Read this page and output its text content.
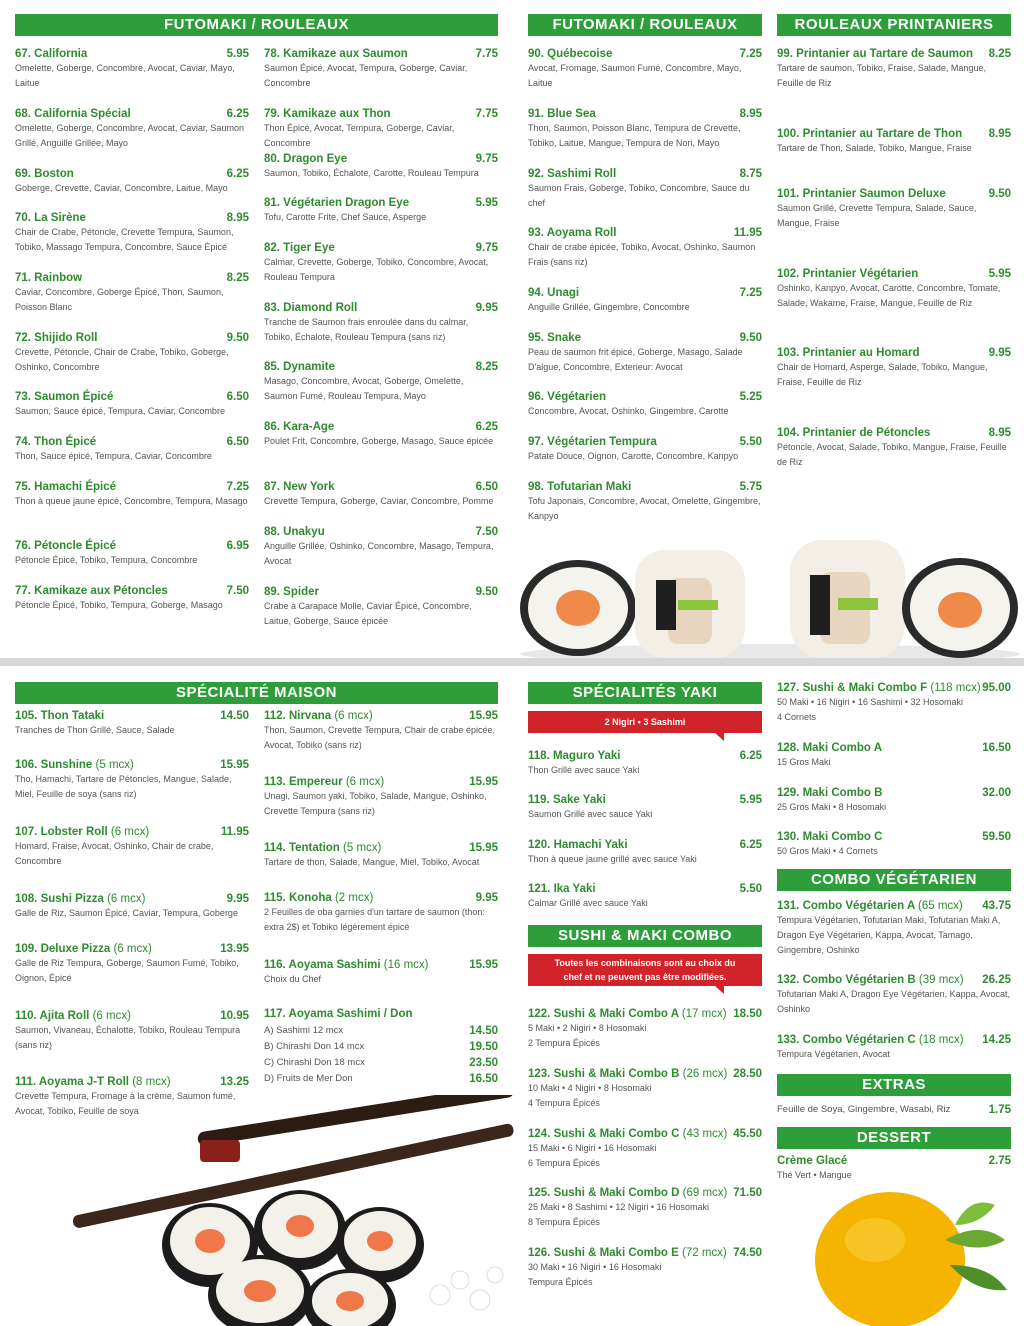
FUTOMAKI / ROULEAUX
67. California	5.95
Omelette, Goberge, Concombre, Avocat, Caviar, Mayo, Laitue
68. California Spécial	6.25
Omelette, Goberge, Concombre, Avocat, Caviar, Saumon Grillé, Anguille Grillée, Mayo
69. Boston	6.25
Goberge, Crevette, Caviar, Concombre, Laitue, Mayo
70. La Sirène	8.95
Chair de Crabe, Pétoncle, Crevette Tempura, Saumon, Tobiko, Massago Tempura, Concombre, Sauce Épicé
71. Rainbow	8.25
Caviar, Concombre, Goberge Épicé, Thon, Saumon, Poisson Blanc
72. Shijido Roll	9.50
Crevette, Pétoncle, Chair de Crabe, Tobiko, Goberge, Oshinko, Concombre
73. Saumon Épicé	6.50
Saumon, Sauce épicé, Tempura, Caviar, Concombre
74. Thon Épicé	6.50
Thon, Sauce épicé, Tempura, Caviar, Concombre
75. Hamachi Épicé	7.25
Thon à queue jaune épicé, Concombre, Tempura, Masago
76. Pétoncle Épicé	6.95
Pétoncle Épicé, Tobiko, Tempura, Concombre
77. Kamikaze aux Pétoncles	7.50
Pétoncle Épicé, Tobiko, Tempura, Goberge, Masago
78. Kamikaze aux Saumon	7.75
Saumon Épicé, Avocat, Tempura, Goberge, Caviar, Concombre
79. Kamikaze aux Thon	7.75
Thon Épicé, Avocat, Tempura, Goberge, Caviar, Concombre
80. Dragon Eye	9.75
Saumon, Tobiko, Échalote, Carotte, Rouleau Tempura
81. Végétarien Dragon Eye	5.95
Tofu, Carotte Frite, Chef Sauce, Asperge
82. Tiger Eye	9.75
Calmar, Crevette, Goberge, Tobiko, Concombre, Avocat, Rouleau Tempura
83. Diamond Roll	9.95
Tranche de Saumon frais enroulée dans du calmar, Tobiko, Échalote, Rouleau Tempura (sans riz)
85. Dynamite	8.25
Masago, Concombre, Avocat, Goberge, Omelette, Saumon Fumé, Rouleau Tempura, Mayo
86. Kara-Age	6.25
Poulet Frit, Concombre, Goberge, Masago, Sauce épicée
87. New York	6.50
Crevette Tempura, Goberge, Caviar, Concombre, Pomme
88. Unakyu	7.50
Anguille Grillée, Oshinko, Concombre, Masago, Tempura, Avocat
89. Spider	9.50
Crabe à Carapace Molle, Caviar Épicé, Concombre, Laitue, Goberge, Sauce épicée
FUTOMAKI / ROULEAUX
90. Québecoise	7.25
Avocat, Fromage, Saumon Fumé, Concombre, Mayo, Laitue
91. Blue Sea	8.95
Thon, Saumon, Poisson Blanc, Tempura de Crevette, Tobiko, Laitue, Mangue, Tempura de Nori, Mayo
92. Sashimi Roll	8.75
Saumon Frais, Goberge, Tobiko, Concombre, Sauce du chef
93. Aoyama Roll	11.95
Chair de crabe épicée, Tobiko, Avocat, Oshinko, Saumon Frais (sans riz)
94. Unagi	7.25
Anguille Grillée, Gingembre, Concombre
95. Snake	9.50
Peau de saumon frit épicé, Goberge, Masago, Salade D'algue, Concombre, Exterieur: Avocat
96. Végétarien	5.25
Concombre, Avocat, Oshinko, Gingembre, Carotte
97. Végétarien Tempura	5.50
Patate Douce, Oignon, Carotte, Concombre, Kanpyo
98. Tofutarian Maki	5.75
Tofu Japonais, Concombre, Avocat, Omelette, Gingembre, Kanpyo
ROULEAUX PRINTANIERS
99. Printanier au Tartare de Saumon 8.25
Tartare de saumon, Tobiko, Fraise, Salade, Mangue, Feuille de Riz
100. Printanier au Tartare de Thon 8.95
Tartare de Thon, Salade, Tobiko, Mangue, Fraise
101. Printanier Saumon Deluxe	9.50
Saumon Grillé, Crevette Tempura, Salade, Sauce, Mangue, Fraise
102. Printanier Végétarien	5.95
Oshinko, Kanpyo, Avocat, Carotte, Concombre, Tomate, Salade, Wakame, Fraise, Mangue, Feuille de Riz
103. Printanier au Homard	9.95
Chair de Homard, Asperge, Salade, Tobiko, Mangue, Fraise, Feuille de Riz
104. Printanier de Pétoncles	8.95
Pétoncle, Avocat, Salade, Tobiko, Mangue, Fraise, Feuille de Riz
SPÉCIALITÉ MAISON
105. Thon Tataki	14.50
Tranches de Thon Grillé, Sauce, Salade
106. Sunshine (5 mcx)	15.95
Tho, Hamachi, Tartare de Pétoncles, Mangue, Salade, Miel, Feuille de soya (sans riz)
107. Lobster Roll (6 mcx)	11.95
Homard, Fraise, Avocat, Oshinko, Chair de crabe, Concombre
108. Sushi Pizza (6 mcx)	9.95
Galle de Riz, Saumon Épicé, Caviar, Tempura, Goberge
109. Deluxe Pizza (6 mcx)	13.95
Galle de Riz Tempura, Goberge, Saumon Fumé, Tobiko, Oignon, Épicé
110. Ajita Roll (6 mcx)	10.95
Saumon, Vivaneau, Échalotte, Tobiko, Rouleau Tempura (sans riz)
111. Aoyama J-T Roll (8 mcx)	13.25
Crevette Tempura, Fromage à la crème, Saumon fumé, Avocat, Tobiko, Feuille de soya
112. Nirvana (6 mcx)	15.95
Thon, Saumon, Crevette Tempura, Chair de crabe épicée, Avocat, Tobiko (sans riz)
113. Empereur (6 mcx)	15.95
Unagi, Saumon yaki, Tobiko, Salade, Mangue, Oshinko, Crevette Tempura (sans riz)
114. Tentation (5 mcx)	15.95
Tartare de thon, Salade, Mangue, Miel, Tobiko, Avocat
115. Konoha (2 mcx)	9.95
2 Feuilles de oba garnies d'un tartare de saumon (thon: extra 2$) et Tobiko légèrement épicé
116. Aoyama Sashimi (16 mcx)	15.95
Choix du Chef
117. Aoyama Sashimi / Don
A) Sashimi 12 mcx	14.50
B) Chirashi Don 14 mcx	19.50
C) Chirashi Don 18 mcx	23.50
D) Fruits de Mer Don	16.50
SPÉCIALITÉS YAKI
2 Nigiri • 3 Sashimi
118. Maguro Yaki	6.25
Thon Grillé avec sauce Yaki
119. Sake Yaki	5.95
Saumon Grillé avec sauce Yaki
120. Hamachi Yaki	6.25
Thon à queue jaune grillé avec sauce Yaki
121. Ika Yaki	5.50
Calmar Grillé avec sauce Yaki
SUSHI & MAKI COMBO
Toutes les combinaisons sont au choix du chef et ne peuvent pas être modifiées.
122. Sushi & Maki Combo A (17 mcx) 18.50
5 Maki • 2 Nigiri • 8 Hosomaki
2 Tempura Épicés
123. Sushi & Maki Combo B (26 mcx) 28.50
10 Maki • 4 Nigiri • 8 Hosomaki
4 Tempura Épicés
124. Sushi & Maki Combo C (43 mcx) 45.50
15 Maki • 6 Nigiri • 16 Hosomaki
6 Tempura Épicés
125. Sushi & Maki Combo D (69 mcx) 71.50
25 Maki • 8 Sashimi • 12 Nigiri • 16 Hosomaki
8 Tempura Épicés
126. Sushi & Maki Combo E (72 mcx) 74.50
30 Maki • 16 Nigiri • 16 Hosomaki
Tempura Épicés
127. Sushi & Maki Combo F (118 mcx) 95.00
50 Maki • 16 Nigiri • 16 Sashimi • 32 Hosomaki
4 Cornets
128. Maki Combo A	16.50
15 Gros Maki
129. Maki Combo B	32.00
25 Gros Maki • 8 Hosomaki
130. Maki Combo C	59.50
50 Gros Maki • 4 Cornets
COMBO VÉGÉTARIEN
131. Combo Végétarien A (65 mcx) 43.75
Tempura Végétarien, Tofutarian Maki, Tofutarian Maki A, Dragon Eye Végétarien, Kappa, Avocat, Tamago, Gingembre, Oshinko
132. Combo Végétarien B (39 mcx) 26.25
Tofutarian Maki A, Dragon Eye Végétarien, Kappa, Avocat, Oshinko
133. Combo Végétarien C (18 mcx) 14.25
Tempura Végétarien, Avocat
EXTRAS
Feuille de Soya, Gingembre, Wasabi, Riz	1.75
DESSERT
Crème Glacé	2.75
Thé Vert • Mangue
